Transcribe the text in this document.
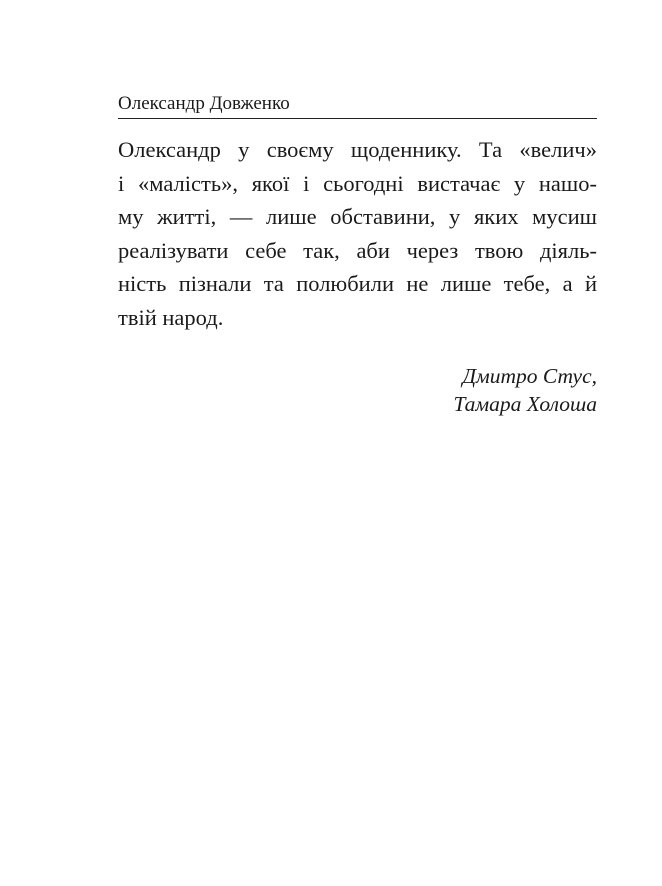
Олександр Довженко

Олександр у своєму щоденнику. Та «велич»
і «малість», якої і сьогодні вистачає у нашо-
му житті, — лише обставини, у яких мусиш
реалізувати себе так, аби через твою діяль-
ність пізнали та полюбили не лише тебе, а й
твій народ.

Дмитро Стус,
Тамара Холоша
